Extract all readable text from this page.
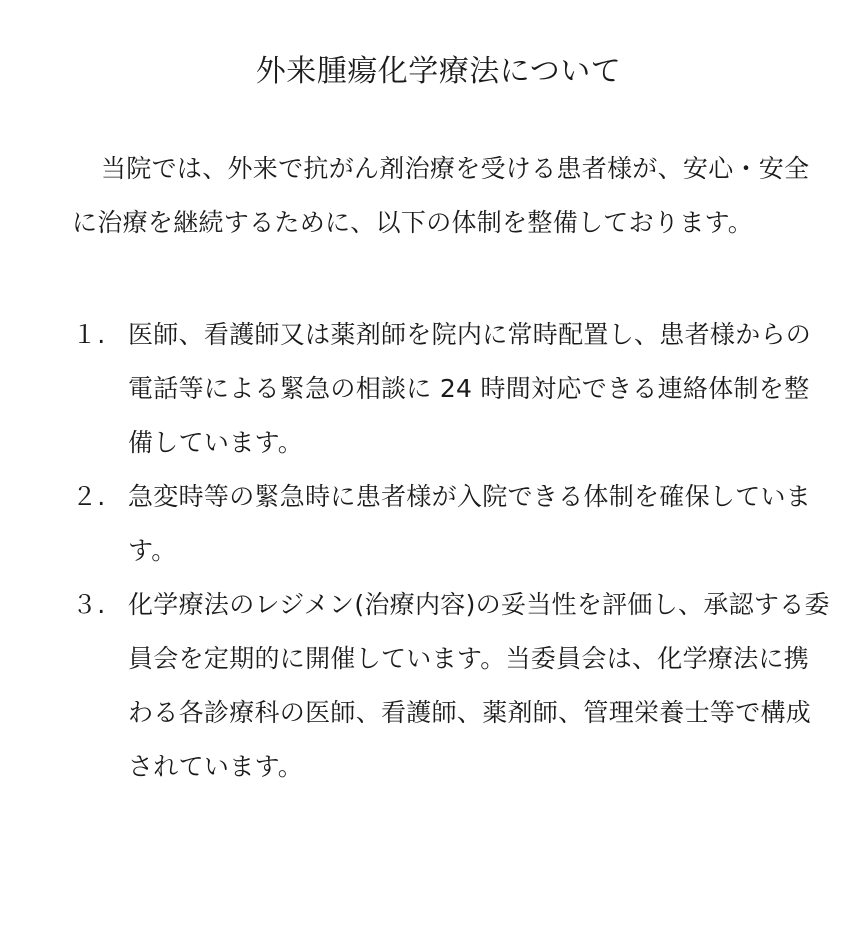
外来腫瘍化学療法について

当院では、外来で抗がん剤治療を受ける患者様が、安心・安全に治療を継続するために、以下の体制を整備しております。

１. 医師、看護師又は薬剤師を院内に常時配置し、患者様からの電話等による緊急の相談に 24 時間対応できる連絡体制を整備しています。
２. 急変時等の緊急時に患者様が入院できる体制を確保しています。
３. 化学療法のレジメン(治療内容)の妥当性を評価し、承認する委員会を定期的に開催しています。当委員会は、化学療法に携わる各診療科の医師、看護師、薬剤師、管理栄養士等で構成されています。
